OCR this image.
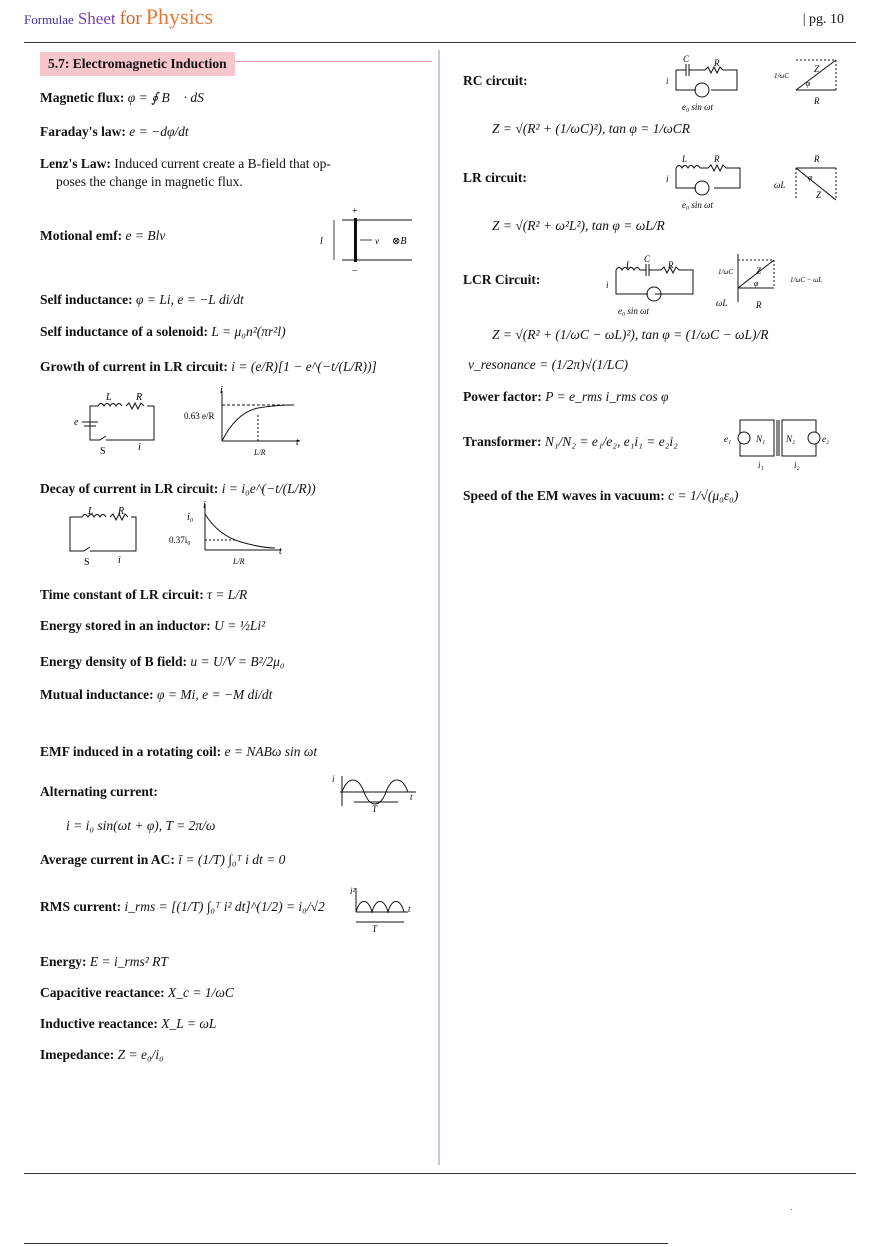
Formulae Sheet for Physics	| pg. 10
5.7: Electromagnetic Induction
Magnetic flux: φ = ∮ B⃗ · dS⃗
Faraday's law: e = −dφ/dt
Lenz's Law: Induced current create a B-field that op-
poses the change in magnetic flux.
Motional emf: e = Blv	l
+
−
v⃗ ⊗B⃗
Self inductance: φ = Li, e = −L di/dt
Self inductance of a solenoid: L = μ₀n²(πr²l)
Growth of current in LR circuit: i = (e/R)[1 − e^(−t/(L/R))]
L R
e
S	i
i
0.63 e/R
L/R
t
Decay of current in LR circuit: i = i₀e^(−t/(L/R))
L R
S	i
i
i₀
0.37i₀
L/R
t
Time constant of LR circuit: τ = L/R
Energy stored in an inductor: U = ½Li²
Energy density of B field: u = U/V = B²/2μ₀
Mutual inductance: φ = Mi, e = −M di/dt
EMF induced in a rotating coil: e = NABω sin ωt
Alternating current:
i
T
t
i = i₀ sin(ωt + φ), T = 2π/ω
Average current in AC: ī = (1/T) ∫₀ᵀ i dt = 0
RMS current: i_rms = [(1/T) ∫₀ᵀ i² dt]^(1/2) = i₀/√2
i²
T
t
Energy: E = i_rms² RT
Capacitive reactance: X_c = 1/ωC
Inductive reactance: X_L = ωL
Imepedance: Z = e₀/i₀
RC circuit:
C	R
i
e₀ sin ωt
1/ωC
Z
φ
R
Z = √(R² + (1/ωC)²), tan φ = 1/ωCR
LR circuit:
L	R
i
e₀ sin ωt
R
ωL
φ
Z
Z = √(R² + ω²L²), tan φ = ωL/R
LCR Circuit:
L
C
R
i
e₀ sin ωt
1/ωC
ωL
Z
φ
R
1/ωC − ωL
Z = √(R² + (1/ωC − ωL)²), tan φ = (1/ωC − ωL)/R
ν_resonance = (1/2π)√(1/LC)
Power factor: P = e_rms i_rms cos φ
Transformer: N₁/N₂ = e₁/e₂, e₁i₁ = e₂i₂	e₁	N₁ N₂	e₂
i₁	i₂
Speed of the EM waves in vacuum: c = 1/√(μ₀ε₀)
·
